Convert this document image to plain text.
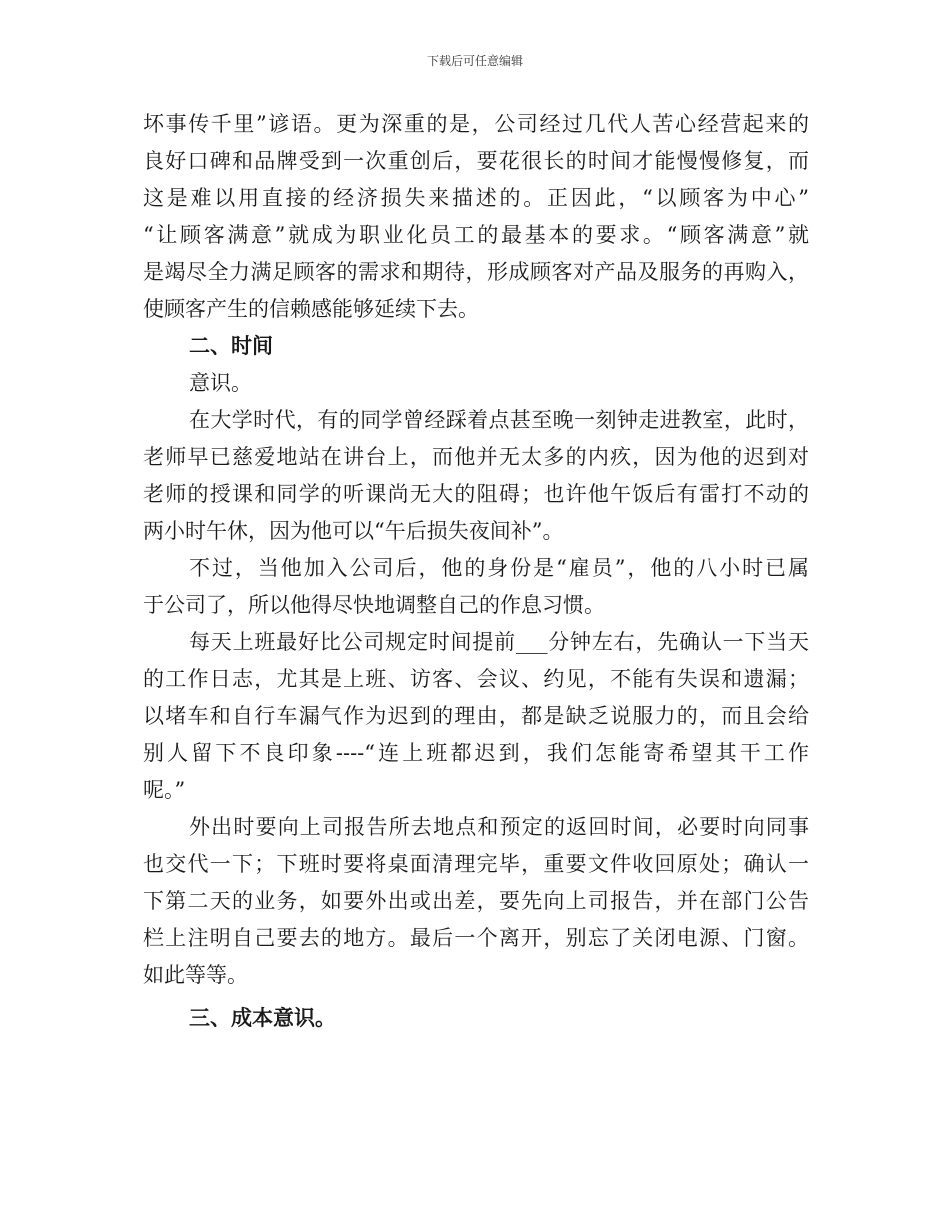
下载后可任意编辑
坏事传千里”谚语。更为深重的是，公司经过几代人苦心经营起来的
良好口碑和品牌受到一次重创后，要花很长的时间才能慢慢修复，而
这是难以用直接的经济损失来描述的。正因此，“以顾客为中心”
“让顾客满意”就成为职业化员工的最基本的要求。“顾客满意”就
是竭尽全力满足顾客的需求和期待，形成顾客对产品及服务的再购入，
使顾客产生的信赖感能够延续下去。
二、时间
意识。
在大学时代，有的同学曾经踩着点甚至晚一刻钟走进教室，此时，
老师早已慈爱地站在讲台上，而他并无太多的内疚，因为他的迟到对
老师的授课和同学的听课尚无大的阻碍；也许他午饭后有雷打不动的
两小时午休，因为他可以“午后损失夜间补”。
不过，当他加入公司后，他的身份是“雇员”，他的八小时已属
于公司了，所以他得尽快地调整自己的作息习惯。
每天上班最好比公司规定时间提前___分钟左右，先确认一下当天
的工作日志，尤其是上班、访客、会议、约见，不能有失误和遗漏；
以堵车和自行车漏气作为迟到的理由，都是缺乏说服力的，而且会给
别人留下不良印象----“连上班都迟到，我们怎能寄希望其干工作
呢。”
外出时要向上司报告所去地点和预定的返回时间，必要时向同事
也交代一下；下班时要将桌面清理完毕，重要文件收回原处；确认一
下第二天的业务，如要外出或出差，要先向上司报告，并在部门公告
栏上注明自己要去的地方。最后一个离开，别忘了关闭电源、门窗。
如此等等。
三、成本意识。
